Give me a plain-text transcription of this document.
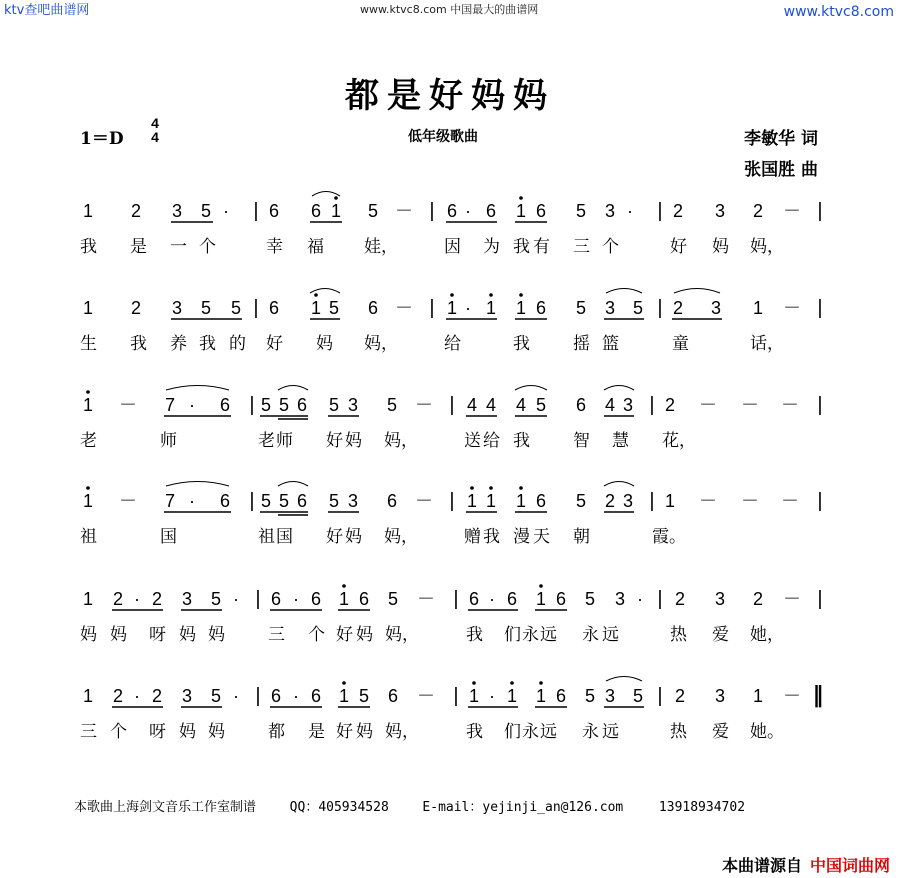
ktv查吧曲谱网	www.ktvc8.com 中国最大的曲谱网	www.ktvc8.com
都是好妈妈
1＝D
4
4	低年级歌曲	李敏华 词
张国胜 曲
1 2 3 5 · | 6 6 1 5 － | 6 · 6 1 6 5 3 · | 2 3 2 － |
我 是 一 个	幸 福 娃，	因 为 我 有 三 个	好 妈 妈，
1 2 3 5 5 | 6 1 5 6 － | 1 · 1 1 6 5 3 5 | 2 3 1 － |
生 我 养 我 的 好 妈 妈，	给	我	摇 篮	童	话，
1 － 7 · 6 | 5 5 6 5 3 5 － | 4 4 4 5 6 4 3 | 2 － － － |
老	师	老 师 好 妈 妈，	送 给 我	智 慧 花，
1 － 7 · 6 | 5 5 6 5 3 6 － | 1 1 1 6 5 2 3 | 1 － － － |
祖	国	祖 国 好 妈 妈，	赠 我 漫 天 朝	霞。
1 2 · 2 3 5 · | 6 · 6 1 6 5 － | 6 · 6 1 6 5 3 · | 2 3 2 － |
妈 妈 呀 妈 妈	三 个 好 妈 妈，	我 们 永 远 永 远	热 爱 她，
1 2 · 2 3 5 · | 6 · 6 1 5 6 － | 1 · 1 1 6 5 3 5 | 2 3 1 － ‖
三 个 呀 妈 妈	都 是 好 妈 妈，	我 们 永 远 永 远	热 爱 她。
本歌曲上海剑文音乐工作室制谱	QQ：405934528	E-mail：yejinji_an@126.com	13918934702
本曲谱源自 中国词曲网
